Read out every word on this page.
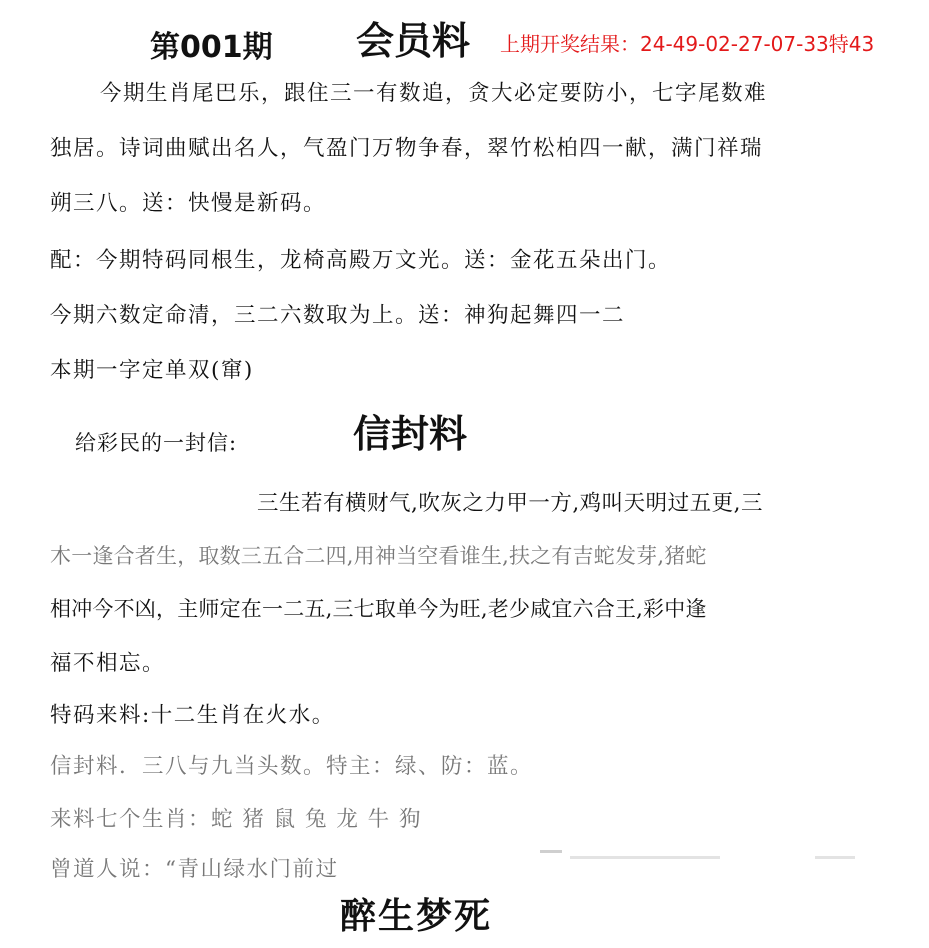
第001期 会员料 上期开奖结果：24-49-02-27-07-33特43
今期生肖尾巴乐，跟住三一有数追，贪大必定要防小，七字尾数难
独居。诗词曲赋出名人，气盈门万物争春，翠竹松柏四一献，满门祥瑞
朔三八。送：快慢是新码。
配：今期特码同根生，龙椅高殿万文光。送：金花五朵出门。
今期六数定命清，三二六数取为上。送：神狗起舞四一二
本期一字定单双(窜)
给彩民的一封信:	信封料
三生若有横财气,吹灰之力甲一方,鸡叫天明过五更,三
木一逢合者生，取数三五合二四,用神当空看谁生,扶之有吉蛇发芽,猪蛇
相冲今不凶，主师定在一二五,三七取单今为旺,老少咸宜六合王,彩中逢
福不相忘。
特码来料:十二生肖在火水。
信封料．三八与九当头数。特主：绿、防：蓝。
来料七个生肖：蛇 猪 鼠 兔 龙 牛 狗
曾道人说：“青山绿水门前过
醉生梦死
